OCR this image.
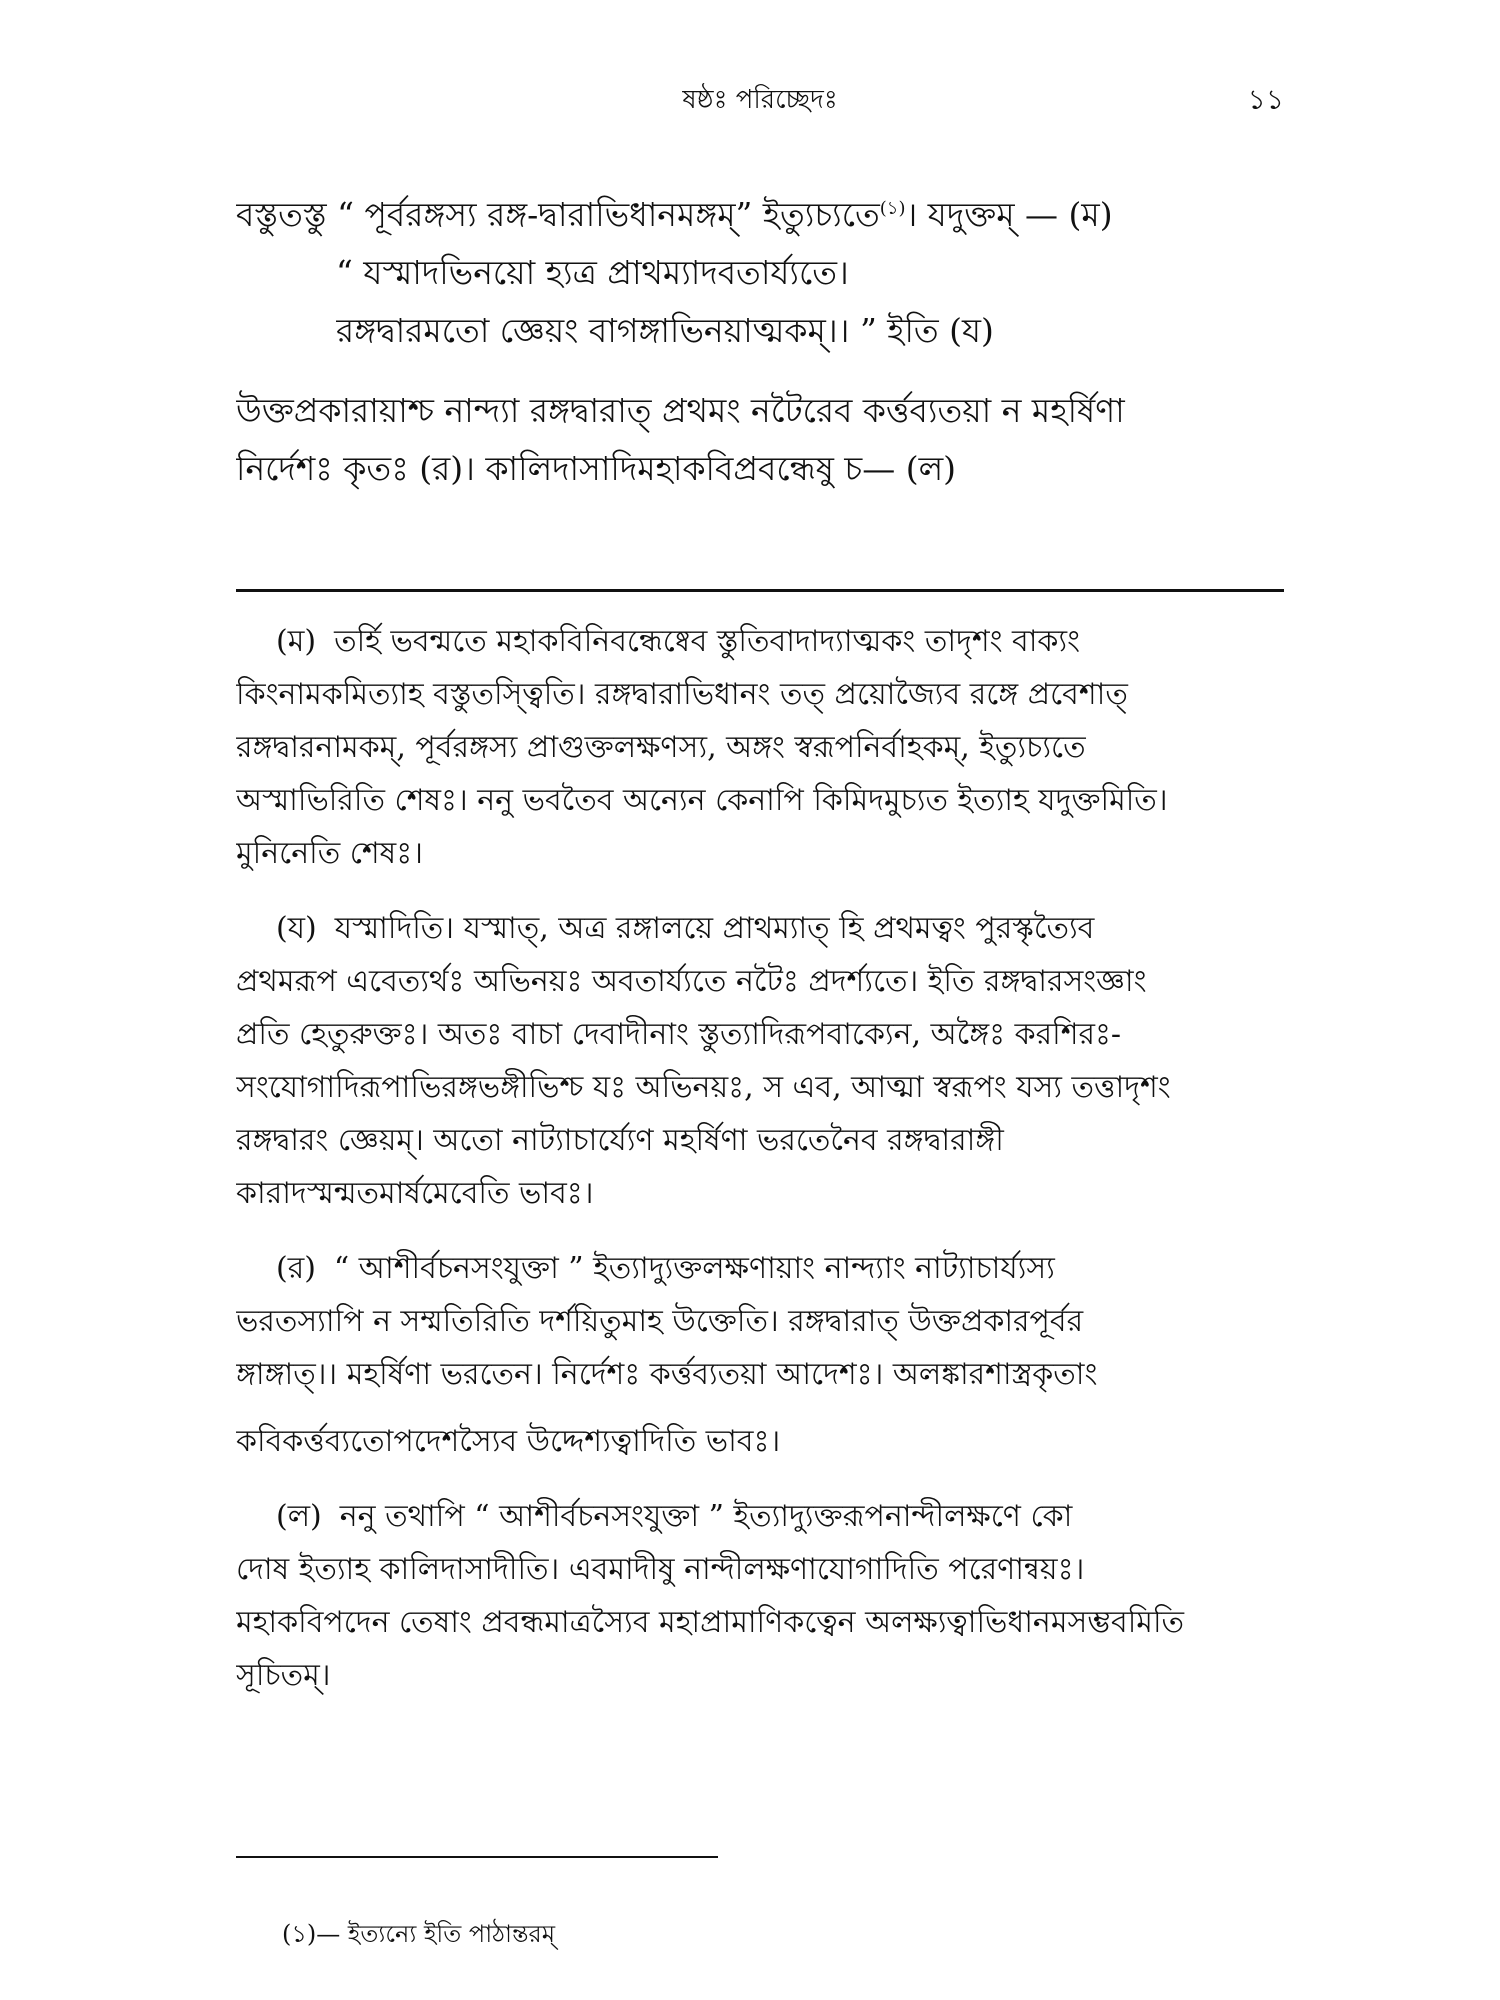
ষষ্ঠঃ পরিচ্ছেদঃ	১১

বস্তুতস্তু “ পূর্বরঙ্গস্য রঙ্গ-দ্বারাভিধানমঙ্গম্” ইত্যুচ্যতে$^{(১)}$। যদুক্তম্ — (ম)

“ যস্মাদভিনয়ো হ্যত্র প্রাথম্যাদবতার্য্যতে।

রঙ্গদ্বারমতো জ্ঞেয়ং বাগঙ্গাভিনয়াত্মকম্।। ” ইতি (য)

উক্তপ্রকারায়াশ্চ নান্দ্যা রঙ্গদ্বারাত্ প্রথমং নটৈরেব কর্ত্তব্যতয়া ন মহর্ষিণা

নির্দেশঃ কৃতঃ (র)। কালিদাসাদিমহাকবিপ্রবন্ধেষু চ— (ল)

(ম) তর্হি ভবন্মতে মহাকবিনিবন্ধেষ্বেব স্তুতিবাদাদ্যাত্মকং তাদৃশং বাক্যং

কিংনামকমিত্যাহ বস্তুতস্ত্বিতি। রঙ্গদ্বারাভিধানং তত্ প্রয়োজ্যৈব রঙ্গে প্রবেশাত্

রঙ্গদ্বারনামকম্, পূর্বরঙ্গস্য প্রাগুক্তলক্ষণস্য, অঙ্গং স্বরূপনির্বাহকম্, ইত্যুচ্যতে

অস্মাভিরিতি শেষঃ। ননু ভবতৈব অন্যেন কেনাপি কিমিদমুচ্যত ইত্যাহ যদুক্তমিতি।

মুনিনেতি শেষঃ।

(য) যস্মাদিতি। যস্মাত্, অত্র রঙ্গালয়ে প্রাথম্যাত্ হি প্রথমত্বং পুরস্কৃত্যৈব

প্রথমরূপ এবেত্যর্থঃ অভিনয়ঃ অবতার্য্যতে নটৈঃ প্রদর্শ্যতে। ইতি রঙ্গদ্বারসংজ্ঞাং

প্রতি হেতুরুক্তঃ। অতঃ বাচা দেবাদীনাং স্তুত্যাদিরূপবাক্যেন, অঙ্গৈঃ করশিরঃ-

সংযোগাদিরূপাভিরঙ্গভঙ্গীভিশ্চ যঃ অভিনয়ঃ, স এব, আত্মা স্বরূপং যস্য তত্তাদৃশং

রঙ্গদ্বারং জ্ঞেয়ম্। অতো নাট্যাচার্য্যেণ মহর্ষিণা ভরতেনৈব রঙ্গদ্বারাঙ্গী

কারাদস্মন্মতমার্ষমেবেতি ভাবঃ।

(র) “ আশীর্বচনসংযুক্তা ” ইত্যাদ্যুক্তলক্ষণায়াং নান্দ্যাং নাট্যাচার্য্যস্য

ভরতস্যাপি ন সম্মতিরিতি দর্শয়িতুমাহ উক্তেতি। রঙ্গদ্বারাত্ উক্তপ্রকারপূর্বর

ঙ্গাঙ্গাত্।। মহর্ষিণা ভরতেন। নির্দেশঃ কর্ত্তব্যতয়া আদেশঃ। অলঙ্কারশাস্ত্রকৃতাং

কবিকর্ত্তব্যতোপদেশস্যৈব উদ্দেশ্যত্বাদিতি ভাবঃ।

(ল) ননু তথাপি “ আশীর্বচনসংযুক্তা ” ইত্যাদ্যুক্তরূপনান্দীলক্ষণে কো

দোষ ইত্যাহ কালিদাসাদীতি। এবমাদীষু নান্দীলক্ষণাযোগাদিতি পরেণান্বয়ঃ।

মহাকবিপদেন তেষাং প্রবন্ধমাত্রস্যৈব মহাপ্রামাণিকত্বেন অলক্ষ্যত্বাভিধানমসম্ভবমিতি

সূচিতম্।

(১)— ইত্যন্যে ইতি পাঠান্তরম্
